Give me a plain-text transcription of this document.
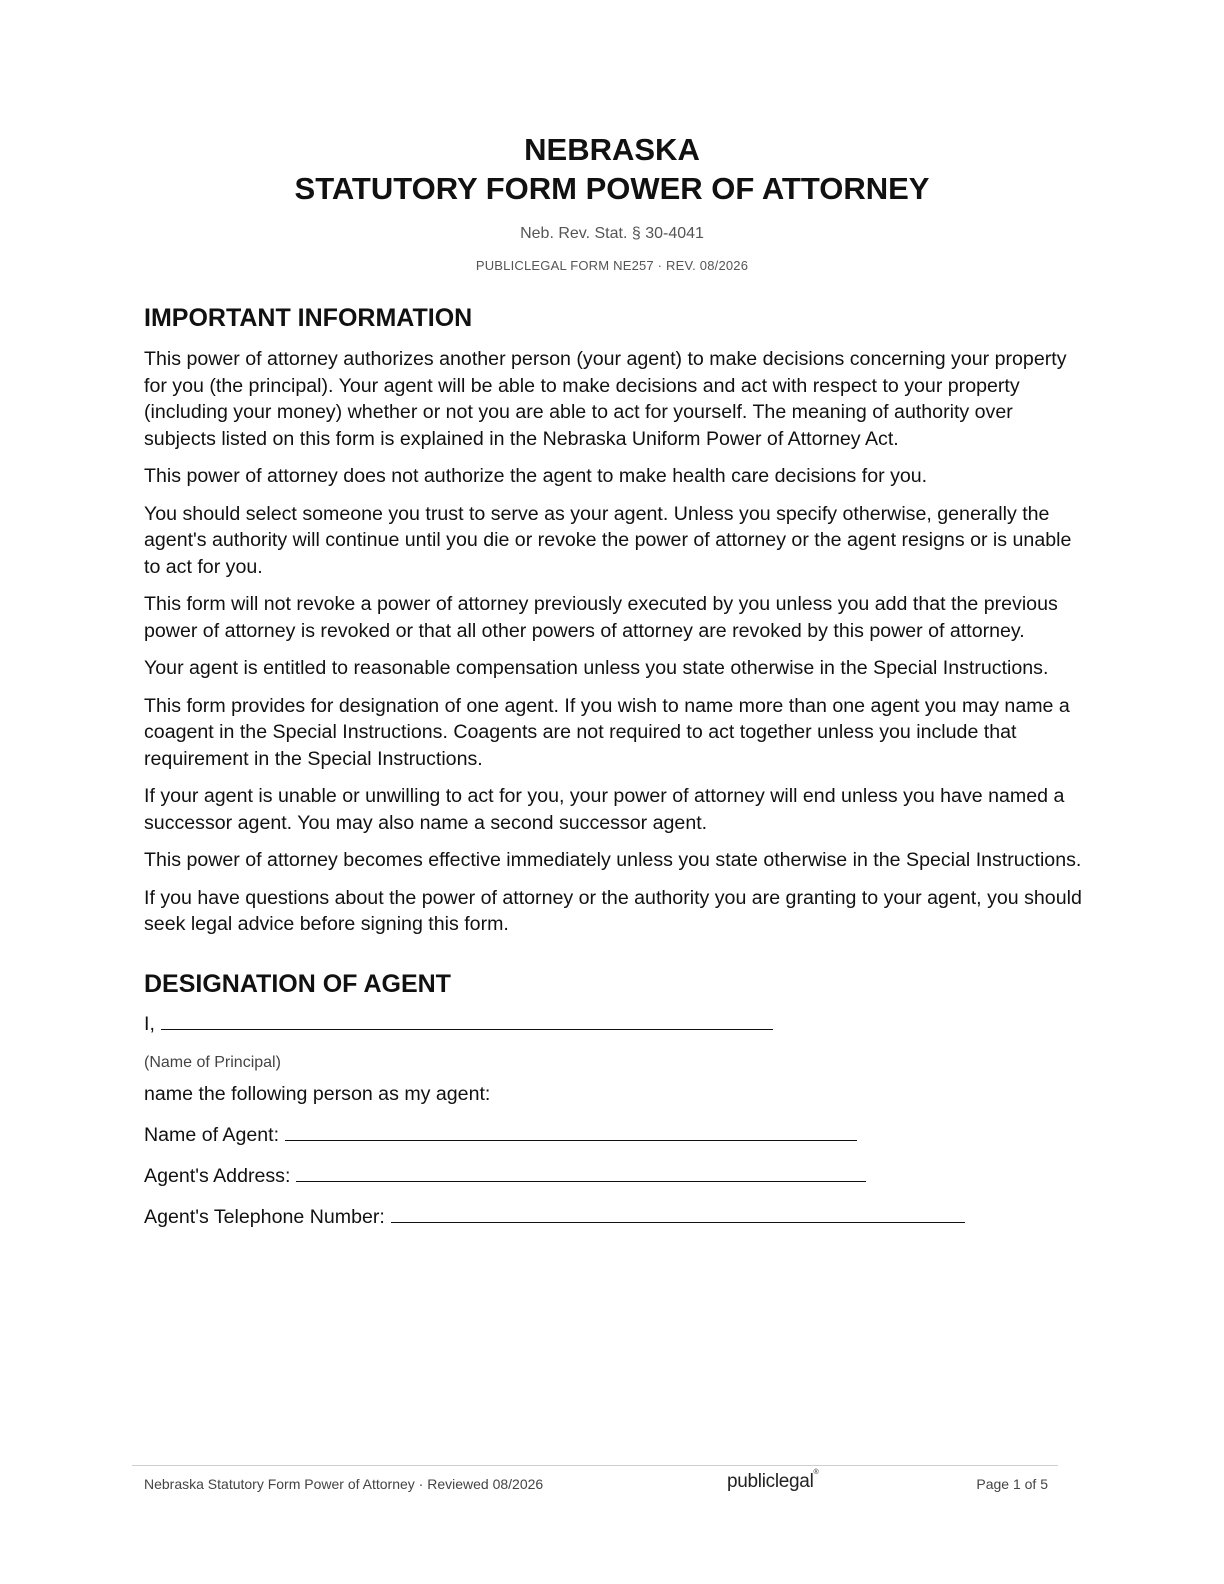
NEBRASKA
STATUTORY FORM POWER OF ATTORNEY
Neb. Rev. Stat. § 30-4041
PUBLICLEGAL FORM NE257 · REV. 08/2026
IMPORTANT INFORMATION

This power of attorney authorizes another person (your agent) to make decisions concerning your property for you (the principal). Your agent will be able to make decisions and act with respect to your property (including your money) whether or not you are able to act for yourself. The meaning of authority over subjects listed on this form is explained in the Nebraska Uniform Power of Attorney Act.

This power of attorney does not authorize the agent to make health care decisions for you.

You should select someone you trust to serve as your agent. Unless you specify otherwise, generally the agent's authority will continue until you die or revoke the power of attorney or the agent resigns or is unable to act for you.

This form will not revoke a power of attorney previously executed by you unless you add that the previous power of attorney is revoked or that all other powers of attorney are revoked by this power of attorney.

Your agent is entitled to reasonable compensation unless you state otherwise in the Special Instructions.

This form provides for designation of one agent. If you wish to name more than one agent you may name a coagent in the Special Instructions. Coagents are not required to act together unless you include that requirement in the Special Instructions.

If your agent is unable or unwilling to act for you, your power of attorney will end unless you have named a successor agent. You may also name a second successor agent.

This power of attorney becomes effective immediately unless you state otherwise in the Special Instructions.

If you have questions about the power of attorney or the authority you are granting to your agent, you should seek legal advice before signing this form.

DESIGNATION OF AGENT
I,
(Name of Principal)
name the following person as my agent:
Name of Agent:
Agent's Address:
Agent's Telephone Number:
Nebraska Statutory Form Power of Attorney · Reviewed 08/2026	publiclegal®
Page 1 of 5
